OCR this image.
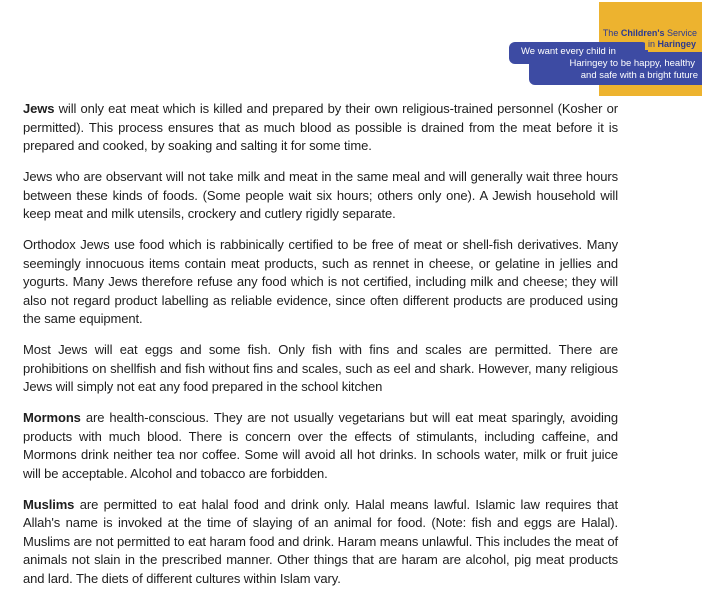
We want every child in
Haringey to be happy, healthy
and safe with a bright future
The Children's Service
in Haringey

Jews will only eat meat which is killed and prepared by their own religious-trained personnel (Kosher or permitted). This process ensures that as much blood as possible is drained from the meat before it is prepared and cooked, by soaking and salting it for some time.

Jews who are observant will not take milk and meat in the same meal and will generally wait three hours between these kinds of foods. (Some people wait six hours; others only one). A Jewish household will keep meat and milk utensils, crockery and cutlery rigidly separate.

Orthodox Jews use food which is rabbinically certified to be free of meat or shell-fish derivatives. Many seemingly innocuous items contain meat products, such as rennet in cheese, or gelatine in jellies and yogurts. Many Jews therefore refuse any food which is not certified, including milk and cheese; they will also not regard product labelling as reliable evidence, since often different products are produced using the same equipment.

Most Jews will eat eggs and some fish. Only fish with fins and scales are permitted. There are prohibitions on shellfish and fish without fins and scales, such as eel and shark. However, many religious Jews will simply not eat any food prepared in the school kitchen

Mormons are health-conscious. They are not usually vegetarians but will eat meat sparingly, avoiding products with much blood. There is concern over the effects of stimulants, including caffeine, and Mormons drink neither tea nor coffee. Some will avoid all hot drinks. In schools water, milk or fruit juice will be acceptable. Alcohol and tobacco are forbidden.

Muslims are permitted to eat halal food and drink only. Halal means lawful. Islamic law requires that Allah's name is invoked at the time of slaying of an animal for food. (Note: fish and eggs are Halal). Muslims are not permitted to eat haram food and drink. Haram means unlawful. This includes the meat of animals not slain in the prescribed manner. Other things that are haram are alcohol, pig meat products and lard. The diets of different cultures within Islam vary.
